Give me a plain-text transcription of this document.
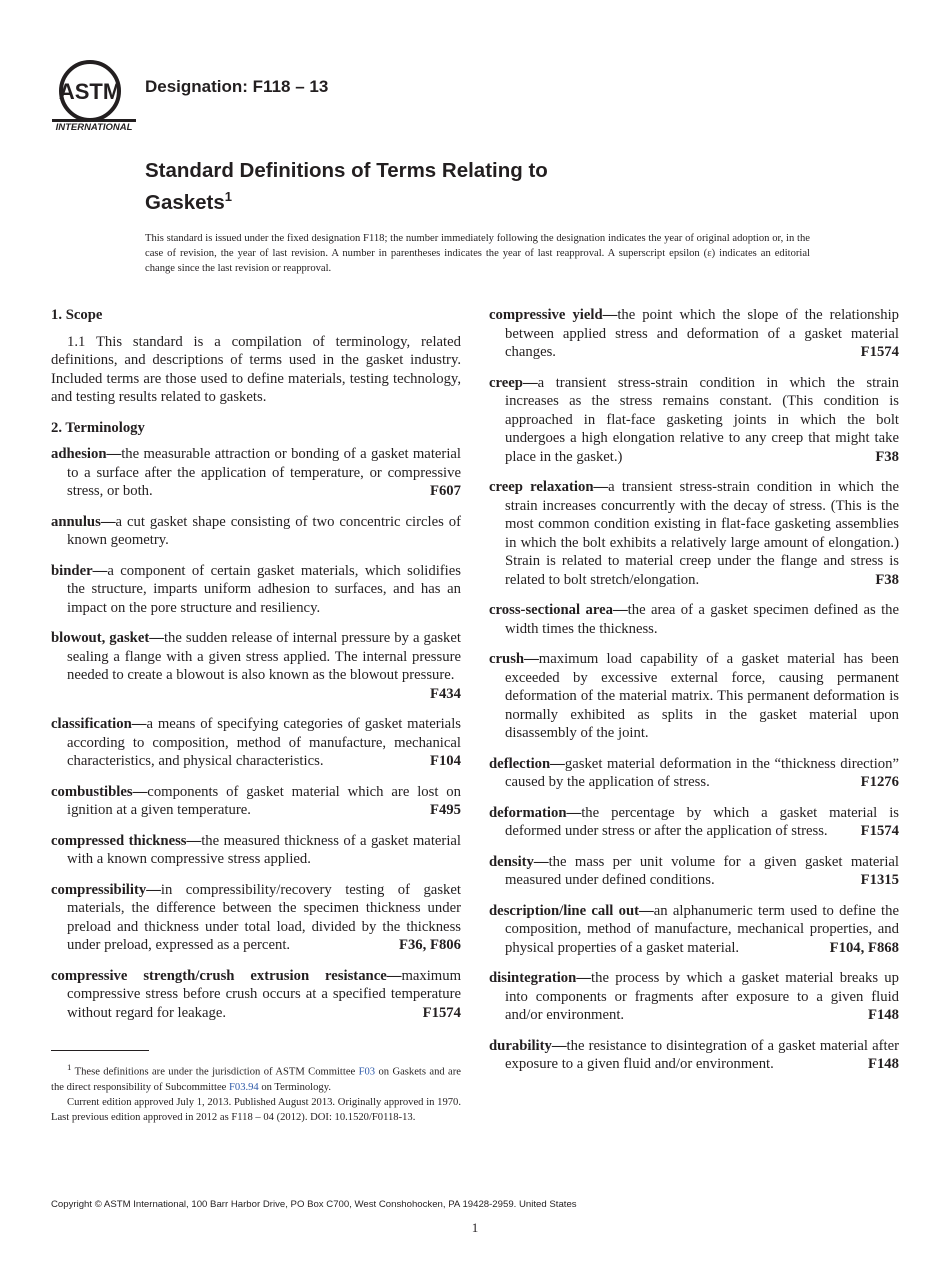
ASTM
INTERNATIONAL
Designation: F118 – 13
Standard Definitions of Terms Relating to
Gaskets$^1$
This standard is issued under the fixed designation F118; the number immediately following the designation indicates the year of original adoption or, in the case of revision, the year of last revision. A number in parentheses indicates the year of last reapproval. A superscript epsilon (ε) indicates an editorial change since the last revision or reapproval.

1. Scope

1.1 This standard is a compilation of terminology, related definitions, and descriptions of terms used in the gasket industry. Included terms are those used to define materials, testing technology, and testing results related to gaskets.

2. Terminology

adhesion—the measurable attraction or bonding of a gasket material to a surface after the application of temperature, or compressive stress, or both.	F607

annulus—a cut gasket shape consisting of two concentric circles of known geometry.

binder—a component of certain gasket materials, which solidifies the structure, imparts uniform adhesion to surfaces, and has an impact on the pore structure and resiliency.

blowout, gasket—the sudden release of internal pressure by a gasket sealing a flange with a given stress applied. The internal pressure needed to create a blowout is also known as the blowout pressure.
F434

classification—a means of specifying categories of gasket materials according to composition, method of manufacture, mechanical characteristics, and physical characteristics.	F104

combustibles—components of gasket material which are lost on ignition at a given temperature.	F495

compressed thickness—the measured thickness of a gasket material with a known compressive stress applied.

compressibility—in compressibility/recovery testing of gasket materials, the difference between the specimen thickness under preload and thickness under total load, divided by the thickness under preload, expressed as a percent.	F36, F806

compressive strength/crush extrusion resistance—maximum compressive stress before crush occurs at a specified temperature without regard for leakage.	F1574

compressive yield—the point which the slope of the relationship between applied stress and deformation of a gasket material changes.	F1574

creep—a transient stress-strain condition in which the strain increases as the stress remains constant. (This condition is approached in flat-face gasketing joints in which the bolt undergoes a high elongation relative to any creep that might take place in the gasket.)	F38

creep relaxation—a transient stress-strain condition in which the strain increases concurrently with the decay of stress. (This is the most common condition existing in flat-face gasketing assemblies in which the bolt exhibits a relatively large amount of elongation.) Strain is related to material creep under the flange and stress is related to bolt stretch/elongation.	F38

cross-sectional area—the area of a gasket specimen defined as the width times the thickness.

crush—maximum load capability of a gasket material has been exceeded by excessive external force, causing permanent deformation of the material matrix. This permanent deformation is normally exhibited as splits in the gasket material upon disassembly of the joint.

deflection—gasket material deformation in the “thickness direction” caused by the application of stress.	F1276

deformation—the percentage by which a gasket material is deformed under stress or after the application of stress. F1574

density—the mass per unit volume for a given gasket material measured under defined conditions.	F1315

description/line call out—an alphanumeric term used to define the composition, method of manufacture, mechanical properties, and physical properties of a gasket material.	F104, F868

disintegration—the process by which a gasket material breaks up into components or fragments after exposure to a given fluid and/or environment.	F148

durability—the resistance to disintegration of a gasket material after exposure to a given fluid and/or environment.	F148

$^1$ These definitions are under the jurisdiction of ASTM Committee F03 on Gaskets and are the direct responsibility of Subcommittee F03.94 on Terminology.

Current edition approved July 1, 2013. Published August 2013. Originally approved in 1970. Last previous edition approved in 2012 as F118 – 04 (2012). DOI: 10.1520/F0118-13.

Copyright © ASTM International, 100 Barr Harbor Drive, PO Box C700, West Conshohocken, PA 19428-2959. United States
1
